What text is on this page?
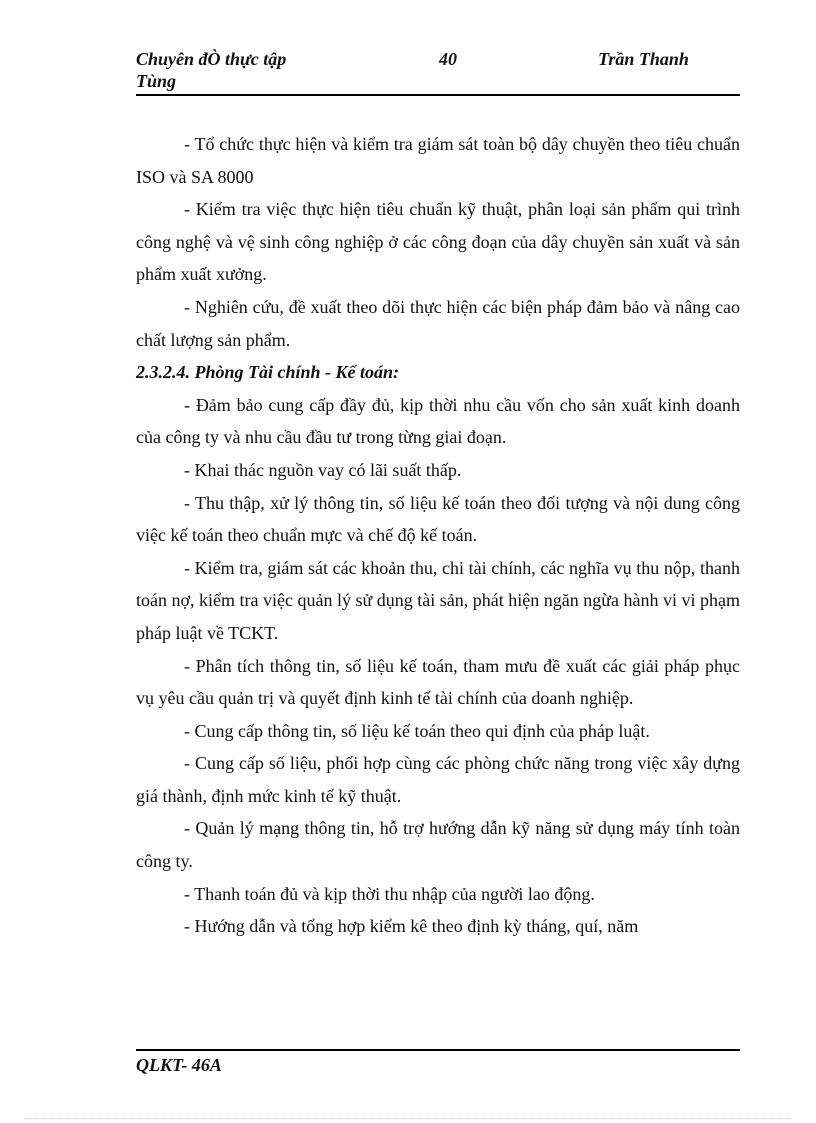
Chuyên đÒ thực tập	40	Trần Thanh
Tùng

- Tổ chức thực hiện và kiểm tra giám sát toàn bộ dây chuyền theo tiêu chuẩn ISO và SA 8000

- Kiểm tra việc thực hiện tiêu chuẩn kỹ thuật, phân loại sản phẩm qui trình công nghệ và vệ sinh công nghiệp ở các công đoạn của dây chuyền sản xuất và sản phẩm xuất xưởng.

- Nghiên cứu, đề xuất theo dõi thực hiện các biện pháp đảm bảo và nâng cao chất lượng sản phẩm.

2.3.2.4. Phòng Tài chính - Kế toán:

- Đảm bảo cung cấp đầy đủ, kịp thời nhu cầu vốn cho sản xuất kinh doanh của công ty và nhu cầu đầu tư trong từng giai đoạn.

- Khai thác nguồn vay có lãi suất thấp.

- Thu thập, xử lý thông tin, số liệu kế toán theo đối tượng và nội dung công việc kế toán theo chuẩn mực và chế độ kế toán.

- Kiểm tra, giám sát các khoản thu, chi tài chính, các nghĩa vụ thu nộp, thanh toán nợ, kiểm tra việc quản lý sử dụng tài sản, phát hiện ngăn ngừa hành vi vi phạm pháp luật về TCKT.

- Phân tích thông tin, số liệu kế toán, tham mưu đề xuất các giải pháp phục vụ yêu cầu quản trị và quyết định kinh tế tài chính của doanh nghiệp.

- Cung cấp thông tin, số liệu kế toán theo qui định của pháp luật.

- Cung cấp số liệu, phối hợp cùng các phòng chức năng trong việc xây dựng giá thành, định mức kinh tế kỹ thuật.

- Quản lý mạng thông tin, hỗ trợ hướng dẫn kỹ năng sử dụng máy tính toàn công ty.

- Thanh toán đủ và kịp thời thu nhập của người lao động.

- Hướng dẫn và tổng hợp kiểm kê theo định kỳ tháng, quí, năm

QLKT- 46A
